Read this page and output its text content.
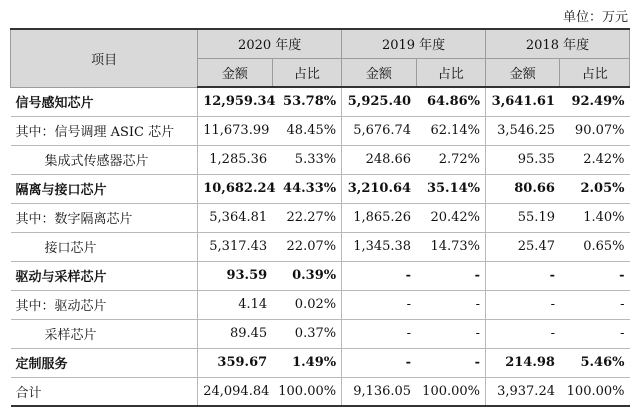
单位：万元
项目	2020 年度		2019 年度		2018 年度	
	金额	占比	金额	占比	金额	占比
信号感知芯片	12,959.34	53.78%	5,925.40	64.86%	3,641.61	92.49%
其中：信号调理 ASIC 芯片	11,673.99	48.45%	5,676.74	62.14%	3,546.25	90.07%
集成式传感器芯片	1,285.36	5.33%	248.66	2.72%	95.35	2.42%
隔离与接口芯片	10,682.24	44.33%	3,210.64	35.14%	80.66	2.05%
其中：数字隔离芯片	5,364.81	22.27%	1,865.26	20.42%	55.19	1.40%
接口芯片	5,317.43	22.07%	1,345.38	14.73%	25.47	0.65%
驱动与采样芯片	93.59	0.39%	-	-	-	-
其中：驱动芯片	4.14	0.02%	-	-	-	-
采样芯片	89.45	0.37%	-	-	-	-
定制服务	359.67	1.49%	-	-	214.98	5.46%
合计	24,094.84	100.00%	9,136.05	100.00%	3,937.24	100.00%
